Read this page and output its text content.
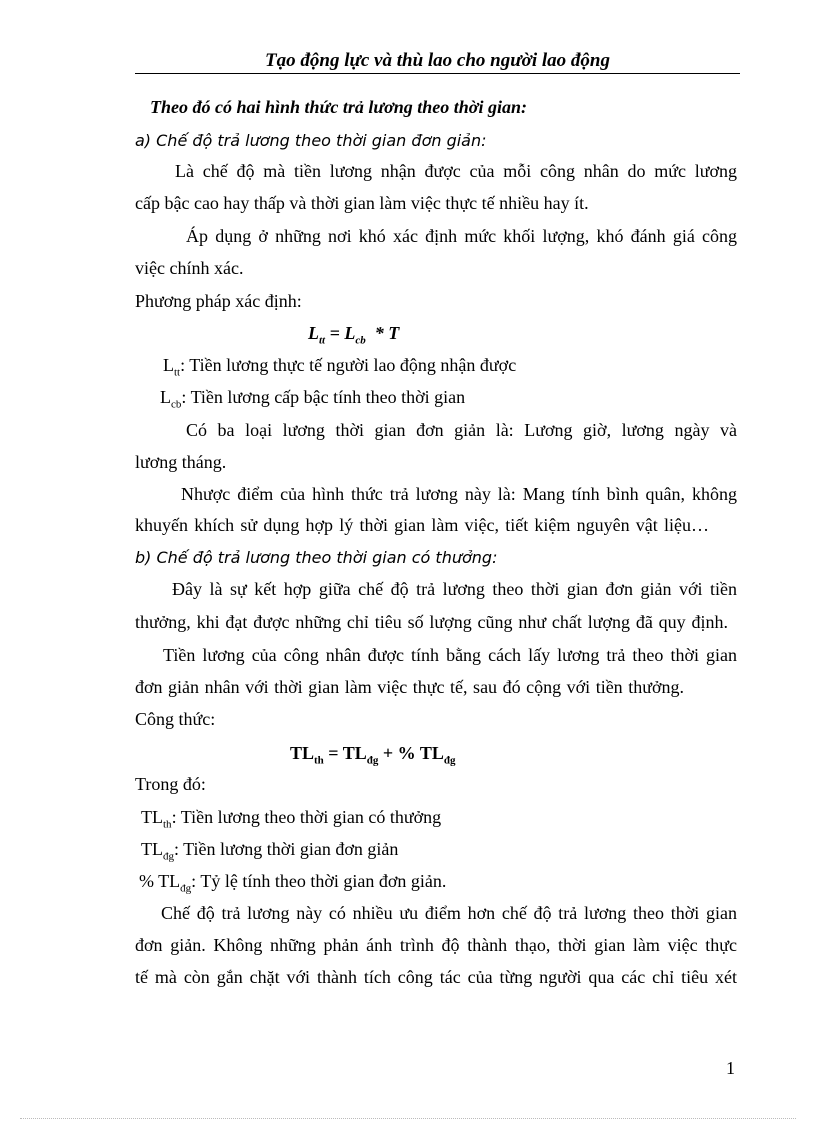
Tạo động lực và thù lao cho người lao động
Theo đó có hai hình thức trả lương theo thời gian:
a) Chế độ trả lương theo thời gian đơn giản:
Là chế độ mà tiền lương nhận được của mỗi công nhân do mức lương
cấp bậc cao hay thấp và thời gian làm việc thực tế nhiều hay ít.
Áp dụng ở những nơi khó xác định mức khối lượng, khó đánh giá công
việc chính xác.
Phương pháp xác định:
$L_{tt} = L_{cb} * T$
$L_{tt}$: Tiền lương thực tế người lao động nhận được
$L_{cb}$: Tiền lương cấp bậc tính theo thời gian
Có ba loại lương thời gian đơn giản là: Lương giờ, lương ngày và
lương tháng.
Nhược điểm của hình thức trả lương này là: Mang tính bình quân, không
khuyến khích sử dụng hợp lý thời gian làm việc, tiết kiệm nguyên vật liệu…
b) Chế độ trả lương theo thời gian có thưởng:
Đây là sự kết hợp giữa chế độ trả lương theo thời gian đơn giản với tiền
thưởng, khi đạt được những chỉ tiêu số lượng cũng như chất lượng đã quy định.
Tiền lương của công nhân được tính bằng cách lấy lương trả theo thời gian
đơn giản nhân với thời gian làm việc thực tế, sau đó cộng với tiền thưởng.
Công thức:
$TL_{th} = TL_{đg}$ + % $TL_{đg}$
Trong đó:
$TL_{th}$: Tiền lương theo thời gian có thưởng
$TL_{đg}$: Tiền lương thời gian đơn giản
% $TL_{đg}$: Tỷ lệ tính theo thời gian đơn giản.
Chế độ trả lương này có nhiều ưu điểm hơn chế độ trả lương theo thời gian
đơn giản. Không những phản ánh trình độ thành thạo, thời gian làm việc thực
tế mà còn gắn chặt với thành tích công tác của từng người qua các chỉ tiêu xét
1
